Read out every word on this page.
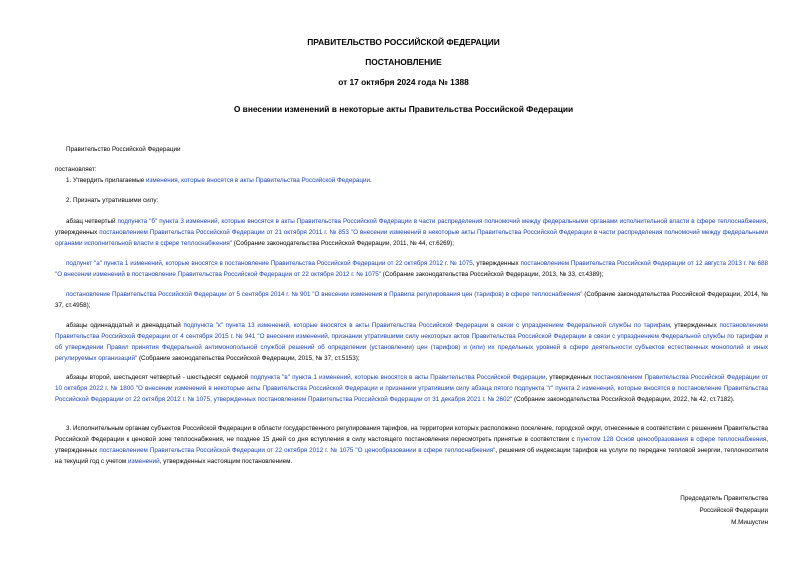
ПРАВИТЕЛЬСТВО РОССИЙСКОЙ ФЕДЕРАЦИИ
ПОСТАНОВЛЕНИЕ
от 17 октября 2024 года № 1388
О внесении изменений в некоторые акты Правительства Российской Федерации
Правительство Российской Федерации
постановляет:
1. Утвердить прилагаемые изменения, которые вносятся в акты Правительства Российской Федерации.
2. Признать утратившими силу:
абзац четвертый подпункта "б" пункта 3 изменений, которые вносятся в акты Правительства Российской Федерации в части распределения полномочий между федеральными органами исполнительной власти в сфере теплоснабжения, утвержденных постановлением Правительства Российской Федерации от 21 октября 2011 г. № 853 "О внесении изменений в некоторые акты Правительства Российской Федерации в части распределения полномочий между федеральными органами исполнительной власти в сфере теплоснабжения" (Собрание законодательства Российской Федерации, 2011, № 44, ст.6269);
подпункт "а" пункта 1 изменений, которые вносятся в постановление Правительства Российской Федерации от 22 октября 2012 г. № 1075, утвержденных постановлением Правительства Российской Федерации от 12 августа 2013 г. № 688 "О внесении изменений в постановление Правительства Российской Федерации от 22 октября 2012 г. № 1075" (Собрание законодательства Российской Федерации, 2013, № 33, ст.4389);
постановление Правительства Российской Федерации от 5 сентября 2014 г. № 901 "О внесении изменения в Правила регулирования цен (тарифов) в сфере теплоснабжения" (Собрание законодательства Российской Федерации, 2014, № 37, ст.4958);
абзацы одиннадцатый и двенадцатый подпункта "к" пункта 13 изменений, которые вносятся в акты Правительства Российской Федерации в связи с упразднением Федеральной службы по тарифам, утвержденных постановлением Правительства Российской Федерации от 4 сентября 2015 г. № 941 "О внесении изменений, признании утратившими силу некоторых актов Правительства Российской Федерации в связи с упразднением Федеральной службы по тарифам и об утверждении Правил принятия Федеральной антимонопольной службой решений об определении (установлении) цен (тарифов) и (или) их предельных уровней в сфере деятельности субъектов естественных монополий и иных регулируемых организаций" (Собрание законодательства Российской Федерации, 2015, № 37, ст.5153);
абзацы второй, шестьдесят четвертый - шестьдесят седьмой подпункта "в" пункта 1 изменений, которые вносятся в акты Правительства Российской Федерации, утвержденных постановлением Правительства Российской Федерации от 10 октября 2022 г. № 1800 "О внесении изменений в некоторые акты Правительства Российской Федерации и признании утратившим силу абзаца пятого подпункта "г" пункта 2 изменений, которые вносятся в постановление Правительства Российской Федерации от 22 октября 2012 г. № 1075, утвержденных постановлением Правительства Российской Федерации от 31 декабря 2021 г. № 2602" (Собрание законодательства Российской Федерации, 2022, № 42, ст.7182).
3. Исполнительным органам субъектов Российской Федерации в области государственного регулирования тарифов, на территории которых расположено поселение, городской округ, отнесенные в соответствии с решением Правительства Российской Федерации к ценовой зоне теплоснабжения, не позднее 15 дней со дня вступления в силу настоящего постановления пересмотреть принятые в соответствии с пунктом 128 Основ ценообразования в сфере теплоснабжения, утвержденных постановлением Правительства Российской Федерации от 22 октября 2012 г. № 1075 "О ценообразовании в сфере теплоснабжения", решения об индексации тарифов на услуги по передаче тепловой энергии, теплоносителя на текущий год с учетом изменений, утвержденных настоящим постановлением.
Председатель Правительства
Российской Федерации
М.Мишустин
